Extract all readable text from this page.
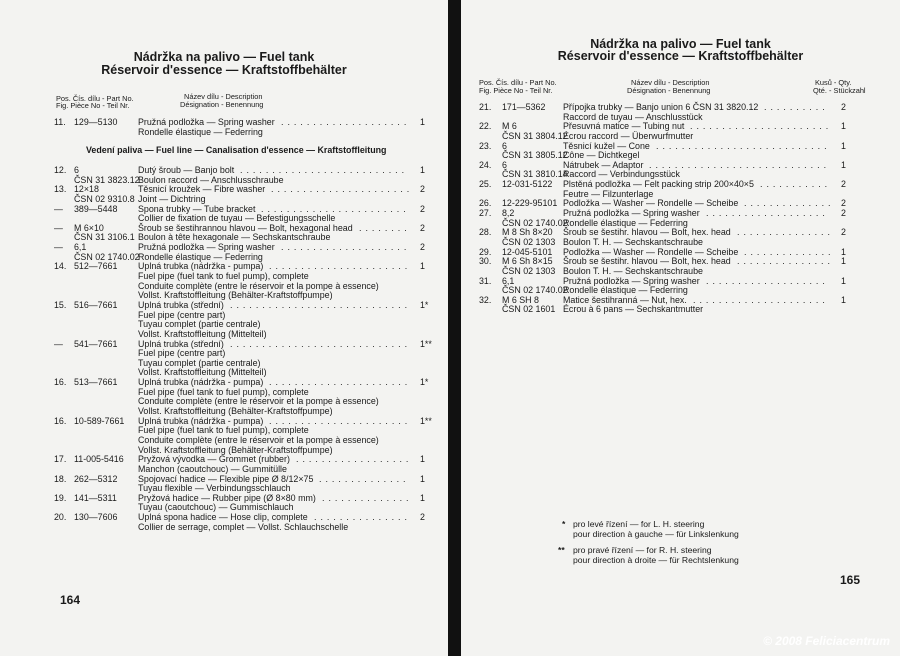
Nádržka na palivo — Fuel tank
Réservoir d'essence — Kraftstoffbehälter
Pos. Čís. dílu - Part No.
Fig. Pièce No - Teil Nr.
Název dílu - Description
Désignation - Benennung
11. 129—5130 Pružná podložka — Spring washer	1
....................
Rondelle élastique — Federring
Vedení paliva — Fuel line — Canalisation d'essence — Kraftstoffleitung
12. 6	Dutý šroub — Banjo bolt	1
..........................
ČSN 31 3823.12
Boulon raccord — Anschlusschraube
13. 12×18	Těsnicí kroužek — Fibre washer	2
......................
ČSN 02 9310.8 Joint — Dichtring
— 389—5448 Spona trubky — Tube bracket	2
.......................
Collier de fixation de tuyau — Befestigungsschelle
— M 6×10	Šroub se šestihrannou hlavou — Bolt, hexagonal head	2
........
ČSN 31 3106.1 Boulon à tête hexagonale — Sechskantschraube
— 6,1	Pružná podložka — Spring washer	2
....................
ČSN 02 1740.02
Rondelle élastique — Federring
14. 512—7661 Uplná trubka (nádržka - pumpa)	1
......................
Fuel pipe (fuel tank to fuel pump), complete
Conduite complète (entre le réservoir et la pompe à essence)
Vollst. Kraftstoffleitung (Behälter-Kraftstoffpumpe)
15. 516—7661 Uplná trubka (střední)	1*
............................
Fuel pipe (centre part)
Tuyau complet (partie centrale)
Vollst. Kraftstoffleitung (Mittelteil)
— 541—7661 Uplná trubka (střední)	1**
............................
Fuel pipe (centre part)
Tuyau complet (partie centrale)
Vollst. Kraftstoffleitung (Mittelteil)
16. 513—7661 Uplná trubka (nádržka - pumpa)	1*
......................
Fuel pipe (fuel tank to fuel pump), complete
Conduite complète (entre le réservoir et la pompe à essence)
Vollst. Kraftstoffleitung (Behälter-Kraftstoffpumpe)
16. 10-589-7661 Uplná trubka (nádržka - pumpa)	1**
......................
Fuel pipe (fuel tank to fuel pump), complete
Conduite complète (entre le réservoir et la pompe à essence)
Vollst. Kraftstoffleitung (Behälter-Kraftstoffpumpe)
17. 11-005-5416 Pryžová vývodka — Grommet (rubber)	1
..................
Manchon (caoutchouc) — Gummitülle
18. 262—5312 Spojovací hadice — Flexible pipe Ø 8/12×75	1
..............
Tuyau flexible — Verbindungsschlauch
19. 141—5311 Pryžová hadice — Rubber pipe (Ø 8×80 mm)	1
..............
Tuyau (caoutchouc) — Gummischlauch
20. 130—7606 Uplná spona hadice — Hose clip, complete	2
...............
Collier de serrage, complet — Vollst. Schlauchschelle
164
Nádržka na palivo — Fuel tank
Réservoir d'essence — Kraftstoffbehälter
Pos. Čís. dílu - Part No.
Fig. Pièce No - Teil Nr.
Název dílu - Description
Désignation - Benennung
Kusů - Qty.
Qté. - Stückzahl
21. 171—5362 Přípojka trubky — Banjo union 6 ČSN 31 3820.12	2
..........
Raccord de tuyau — Anschlusstück
22. M 6	Přesuvná matice — Tubing nut	1
......................
ČSN 31 3804.12
Écrou raccord — Überwurfmutter
23. 6	Těsnicí kužel — Cone	1
...........................
ČSN 31 3805.12
Cône — Dichtkegel
24. 6	Nátrubek — Adaptor	1
............................
ČSN 31 3810.14
Raccord — Verbindungsstück
25. 12-031-5122 Plstěná podložka — Felt packing strip 200×40×5	2
...........
Feutre — Filzunterlage
26. 12-229-95101 Podložka — Washer — Rondelle — Scheibe	2
..............
27. 8,2	Pružná podložka — Spring washer	2
...................
ČSN 02 1740.02
Rondelle élastique — Federring
28. M 8 Sh 8×20 Šroub se šestihr. hlavou — Bolt, hex. head	2
...............
ČSN 02 1303 Boulon T. H. — Sechskantschraube
29. 12-045-5101 Podložka — Washer — Rondelle — Scheibe	1
..............
30. M 6 Sh 8×15 Šroub se šestihr. hlavou — Bolt, hex. head	1
...............
ČSN 02 1303 Boulon T. H. — Sechskantschraube
31. 6,1	Pružná podložka — Spring washer	1
...................
ČSN 02 1740.02
Rondelle élastique — Federring
32. M 6 SH 8	Matice šestihranná — Nut, hex.	1
.....................
ČSN 02 1601 Écrou à 6 pans — Sechskantmutter
* pro levé řízení — for L. H. steering
pour direction à gauche — für Linkslenkung
** pro pravé řízení — for R. H. steering
pour direction à droite — für Rechtslenkung
165
© 2008 Feliciacentrum
